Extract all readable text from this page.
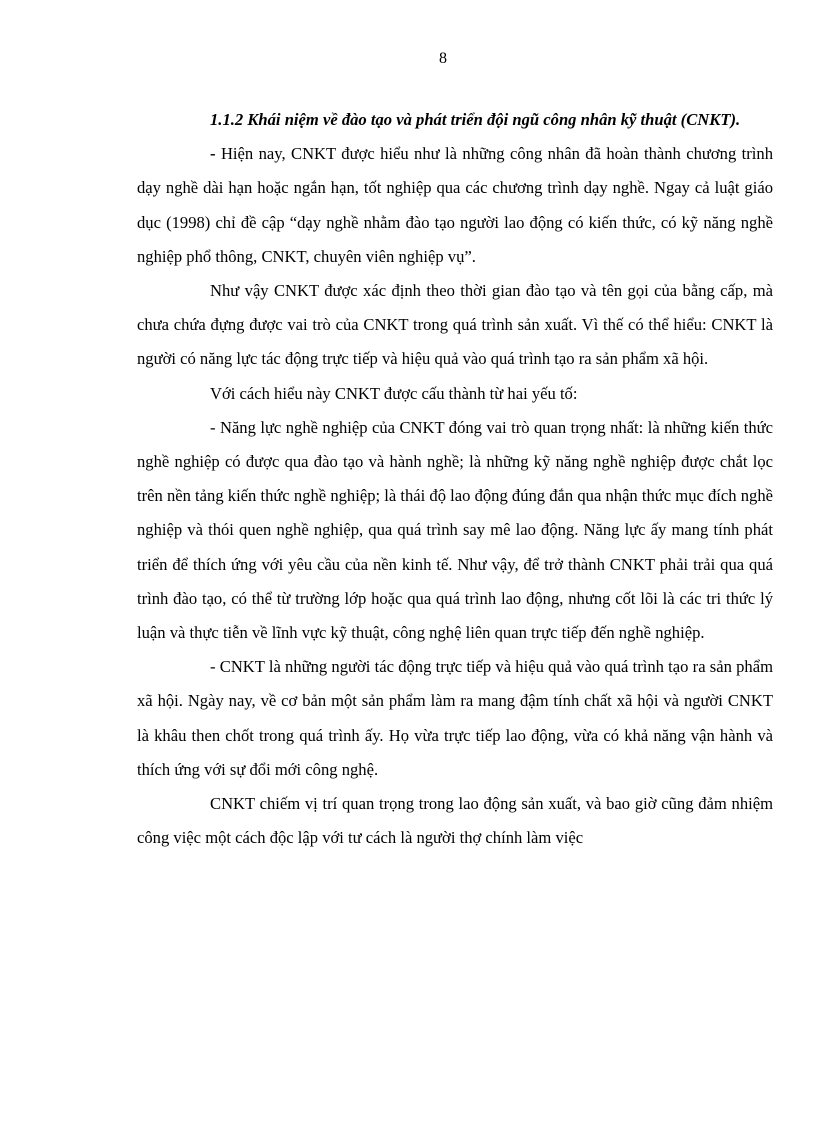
8

1.1.2 Khái niệm về đào tạo và phát triển đội ngũ công nhân kỹ thuật (CNKT).

- Hiện nay, CNKT được hiểu như là những công nhân đã hoàn thành chương trình dạy nghề dài hạn hoặc ngắn hạn, tốt nghiệp qua các chương trình dạy nghề. Ngay cả luật giáo dục (1998) chỉ đề cập “dạy nghề nhằm đào tạo người lao động có kiến thức, có kỹ năng nghề nghiệp phổ thông, CNKT, chuyên viên nghiệp vụ”.

Như vậy CNKT được xác định theo thời gian đào tạo và tên gọi của bằng cấp, mà chưa chứa đựng được vai trò của CNKT trong quá trình sản xuất. Vì thế có thể hiểu: CNKT là người có năng lực tác động trực tiếp và hiệu quả vào quá trình tạo ra sản phẩm xã hội.

Với cách hiểu này CNKT được cấu thành từ hai yếu tố:

- Năng lực nghề nghiệp của CNKT đóng vai trò quan trọng nhất: là những kiến thức nghề nghiệp có được qua đào tạo và hành nghề; là những kỹ năng nghề nghiệp được chắt lọc trên nền tảng kiến thức nghề nghiệp; là thái độ lao động đúng đắn qua nhận thức mục đích nghề nghiệp và thói quen nghề nghiệp, qua quá trình say mê lao động. Năng lực ấy mang tính phát triển để thích ứng với yêu cầu của nền kinh tế. Như vậy, để trở thành CNKT phải trải qua quá trình đào tạo, có thể từ trường lớp hoặc qua quá trình lao động, nhưng cốt lõi là các tri thức lý luận và thực tiễn về lĩnh vực kỹ thuật, công nghệ liên quan trực tiếp đến nghề nghiệp.

- CNKT là những người tác động trực tiếp và hiệu quả vào quá trình tạo ra sản phẩm xã hội. Ngày nay, về cơ bản một sản phẩm làm ra mang đậm tính chất xã hội và người CNKT là khâu then chốt trong quá trình ấy. Họ vừa trực tiếp lao động, vừa có khả năng vận hành và thích ứng với sự đổi mới công nghệ.

CNKT chiếm vị trí quan trọng trong lao động sản xuất, và bao giờ cũng đảm nhiệm công việc một cách độc lập với tư cách là người thợ chính làm việc
